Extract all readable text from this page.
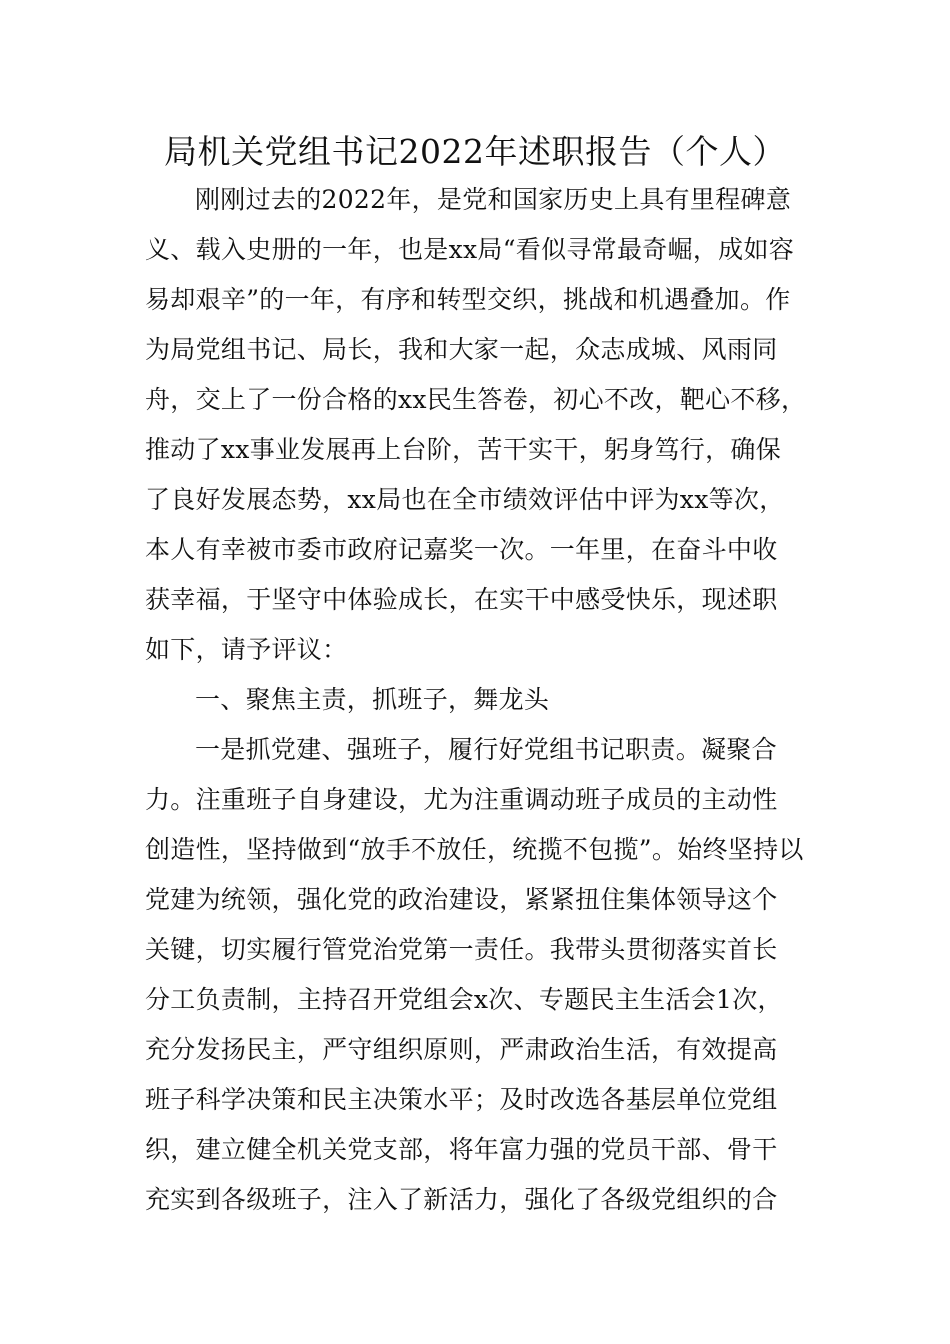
局机关党组书记2022年述职报告（个人）
刚刚过去的2022年，是党和国家历史上具有里程碑意
义、载入史册的一年，也是xx局“看似寻常最奇崛，成如容
易却艰辛”的一年，有序和转型交织，挑战和机遇叠加。作
为局党组书记、局长，我和大家一起，众志成城、风雨同
舟，交上了一份合格的xx民生答卷，初心不改，靶心不移，
推动了xx事业发展再上台阶，苦干实干，躬身笃行，确保
了良好发展态势，xx局也在全市绩效评估中评为xx等次，
本人有幸被市委市政府记嘉奖一次。一年里，在奋斗中收
获幸福，于坚守中体验成长，在实干中感受快乐，现述职
如下，请予评议：
一、聚焦主责，抓班子，舞龙头
一是抓党建、强班子，履行好党组书记职责。凝聚合
力。注重班子自身建设，尤为注重调动班子成员的主动性
创造性，坚持做到“放手不放任，统揽不包揽”。始终坚持以
党建为统领，强化党的政治建设，紧紧扭住集体领导这个
关键，切实履行管党治党第一责任。我带头贯彻落实首长
分工负责制，主持召开党组会x次、专题民主生活会1次，
充分发扬民主，严守组织原则，严肃政治生活，有效提高
班子科学决策和民主决策水平；及时改选各基层单位党组
织，建立健全机关党支部，将年富力强的党员干部、骨干
充实到各级班子，注入了新活力，强化了各级党组织的合
